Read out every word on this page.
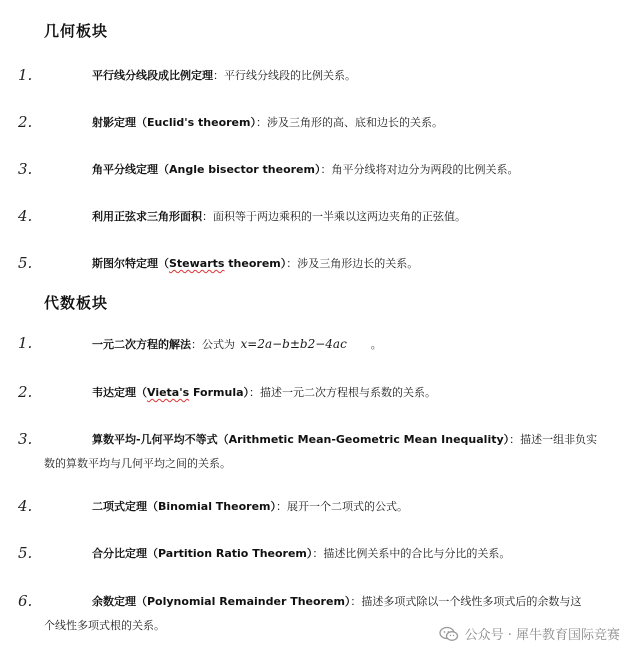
几何板块
1.	平行线分线段成比例定理：平行线分线段的比例关系。
2.	射影定理（Euclid's theorem）：涉及三角形的高、底和边长的关系。
3.	角平分线定理（Angle bisector theorem）：角平分线将对边分为两段的比例关系。
4.	利用正弦求三角形面积：面积等于两边乘积的一半乘以这两边夹角的正弦值。
5.	斯图尔特定理（Stewarts theorem）：涉及三角形边长的关系。
代数板块
1.	一元二次方程的解法：公式为 x=2a−b±b2−4ac 。
2.	韦达定理（Vieta's Formula）：描述一元二次方程根与系数的关系。
3.	算数平均-几何平均不等式（Arithmetic Mean-Geometric Mean Inequality）：描述一组非负实
数的算数平均与几何平均之间的关系。
4.	二项式定理（Binomial Theorem）：展开一个二项式的公式。
5.	合分比定理（Partition Ratio Theorem）：描述比例关系中的合比与分比的关系。
6.	余数定理（Polynomial Remainder Theorem）：描述多项式除以一个线性多项式后的余数与这
个线性多项式根的关系。
公众号 · 犀牛教育国际竞赛
